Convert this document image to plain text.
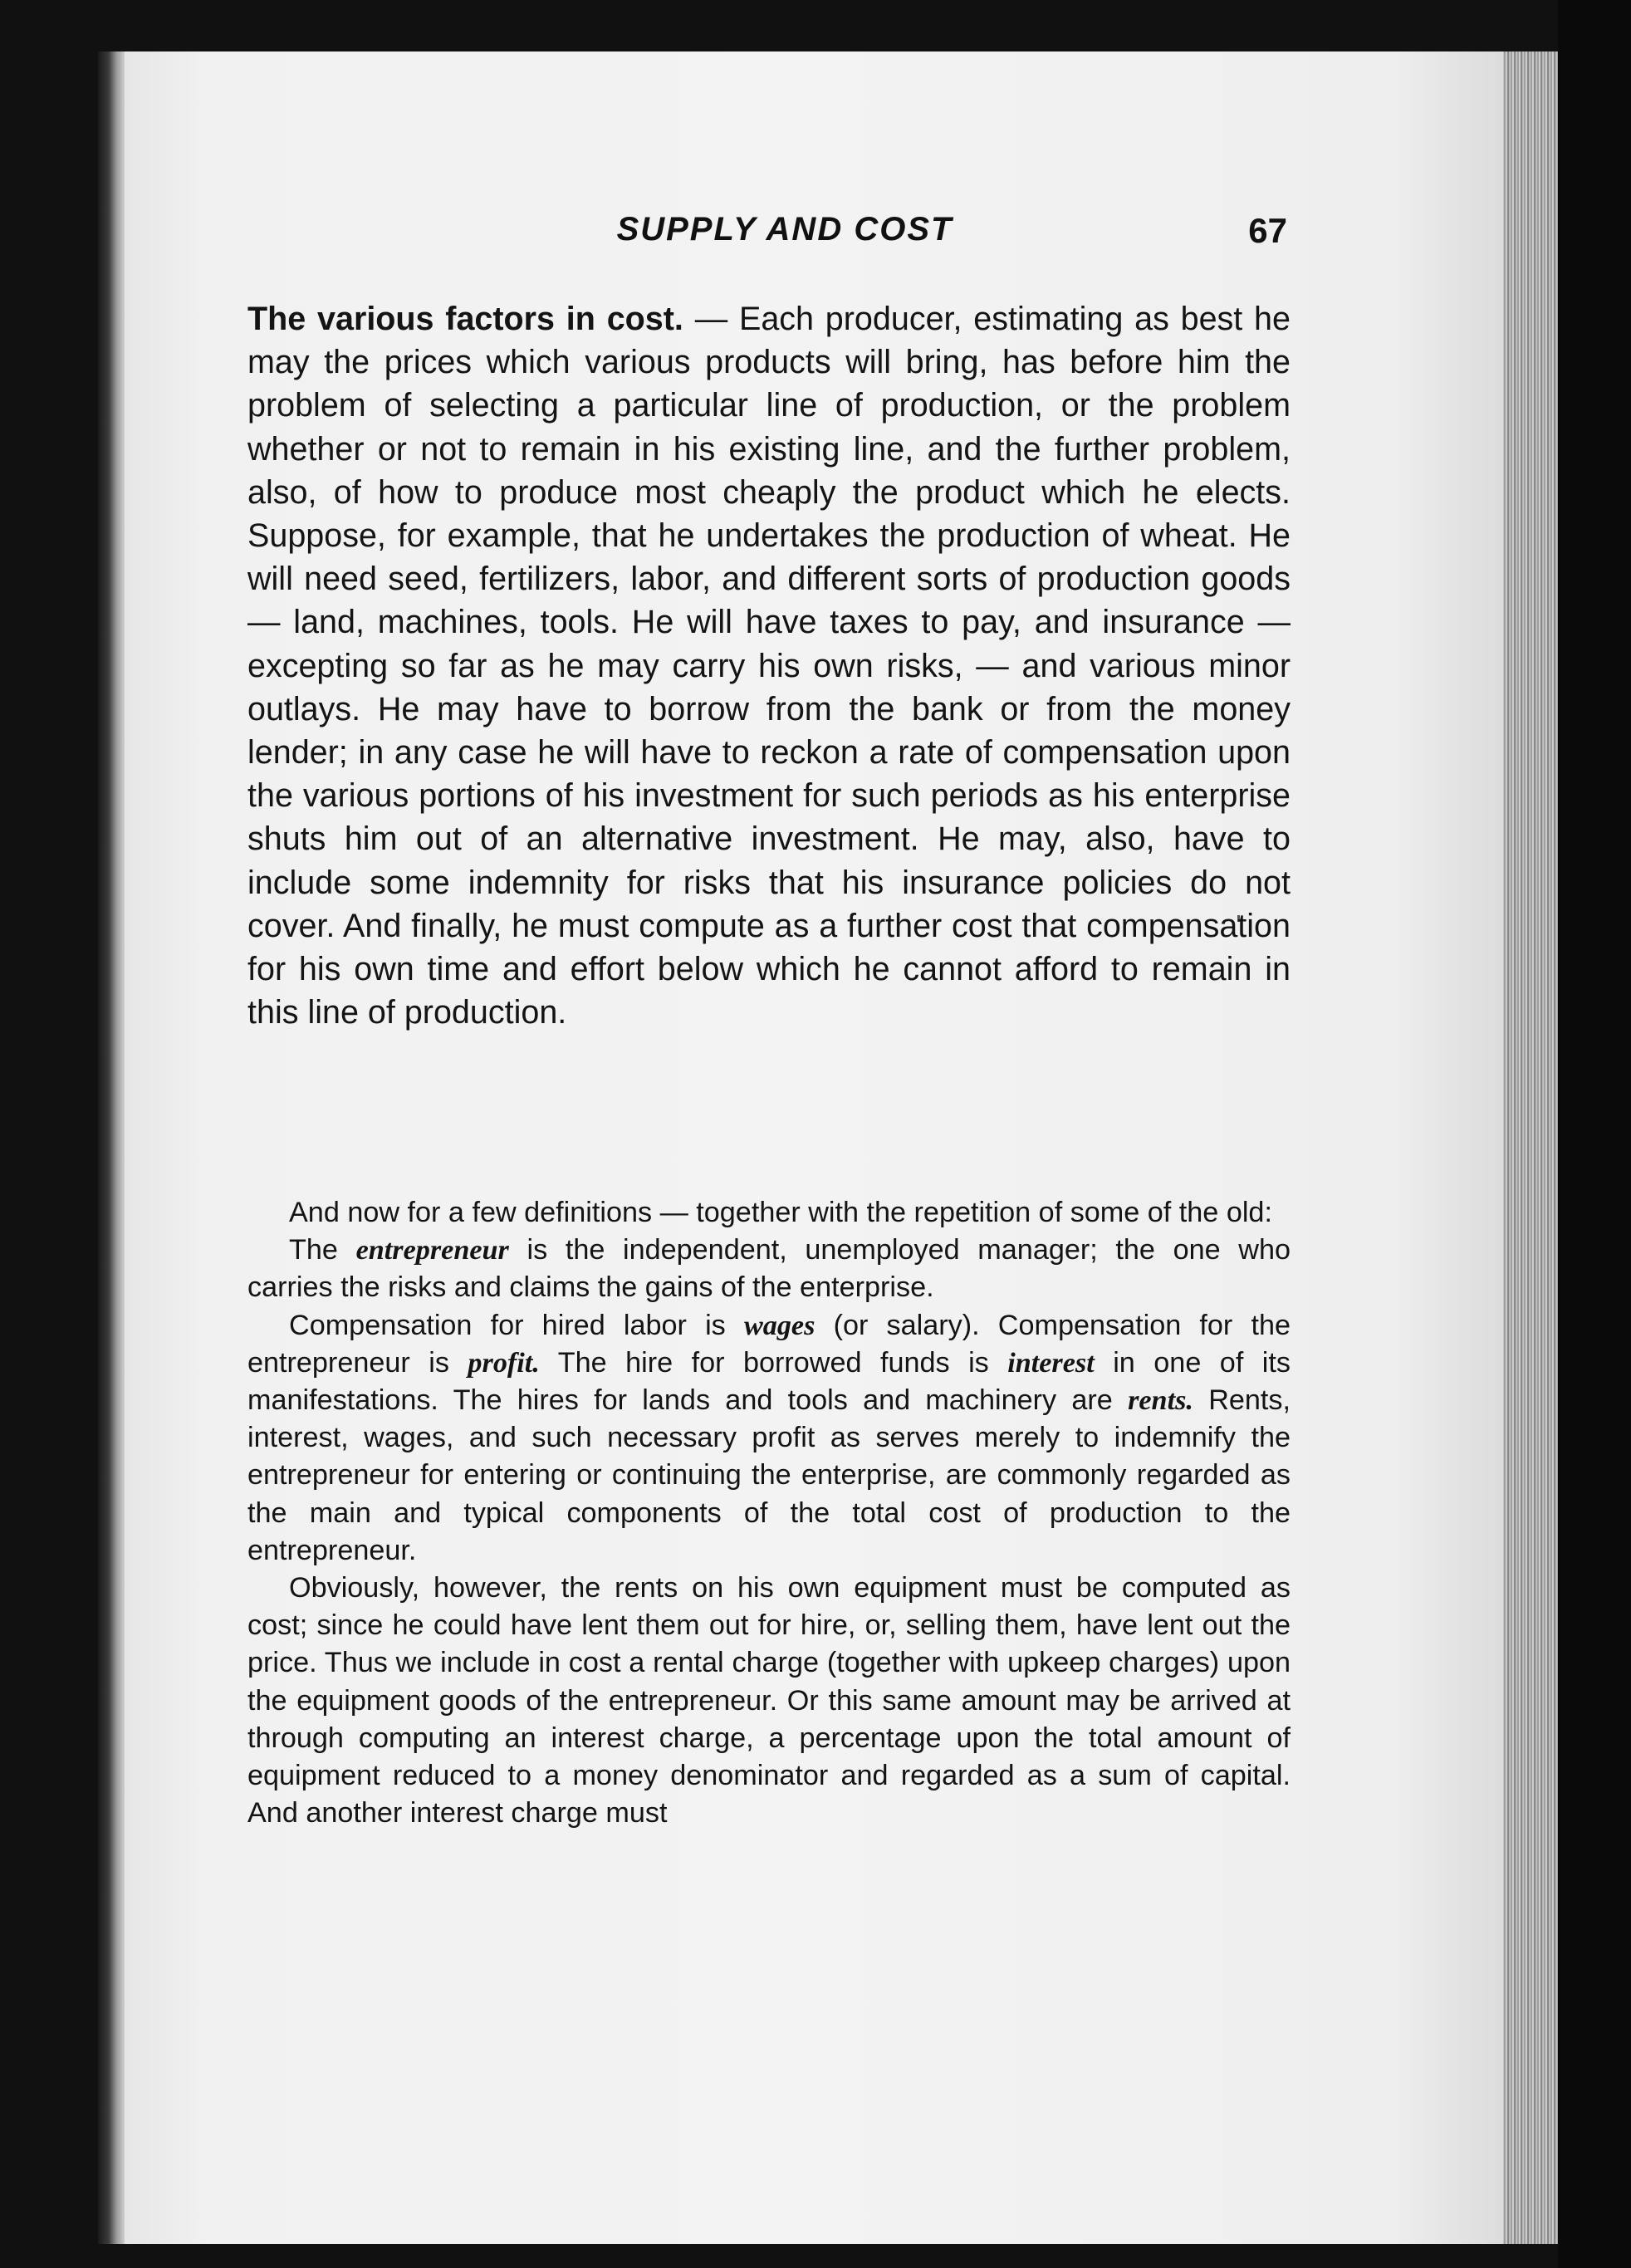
SUPPLY AND COST	67

The various factors in cost. — Each producer, estimating as best he may the prices which various products will bring, has before him the problem of selecting a particular line of production, or the problem whether or not to remain in his existing line, and the further problem, also, of how to produce most cheaply the product which he elects. Suppose, for example, that he undertakes the production of wheat. He will need seed, fertilizers, labor, and different sorts of production goods — land, machines, tools. He will have taxes to pay, and insurance — excepting so far as he may carry his own risks, — and various minor outlays. He may have to borrow from the bank or from the money lender; in any case he will have to reckon a rate of compensation upon the various portions of his investment for such periods as his enterprise shuts him out of an alternative investment. He may, also, have to include some indemnity for risks that his insurance policies do not cover. And finally, he must compute as a further cost that compensation for his own time and effort below which he cannot afford to remain in this line of production.

And now for a few definitions — together with the repetition of some of the old:

The entrepreneur is the independent, unemployed manager; the one who carries the risks and claims the gains of the enterprise.

Compensation for hired labor is wages (or salary). Compensation for the entrepreneur is profit. The hire for borrowed funds is interest in one of its manifestations. The hires for lands and tools and machinery are rents. Rents, interest, wages, and such necessary profit as serves merely to indemnify the entrepreneur for entering or continuing the enterprise, are commonly regarded as the main and typical components of the total cost of production to the entrepreneur.

Obviously, however, the rents on his own equipment must be computed as cost; since he could have lent them out for hire, or, selling them, have lent out the price. Thus we include in cost a rental charge (together with upkeep charges) upon the equipment goods of the entrepreneur. Or this same amount may be arrived at through computing an interest charge, a percentage upon the total amount of equipment reduced to a money denominator and regarded as a sum of capital. And another interest charge must
